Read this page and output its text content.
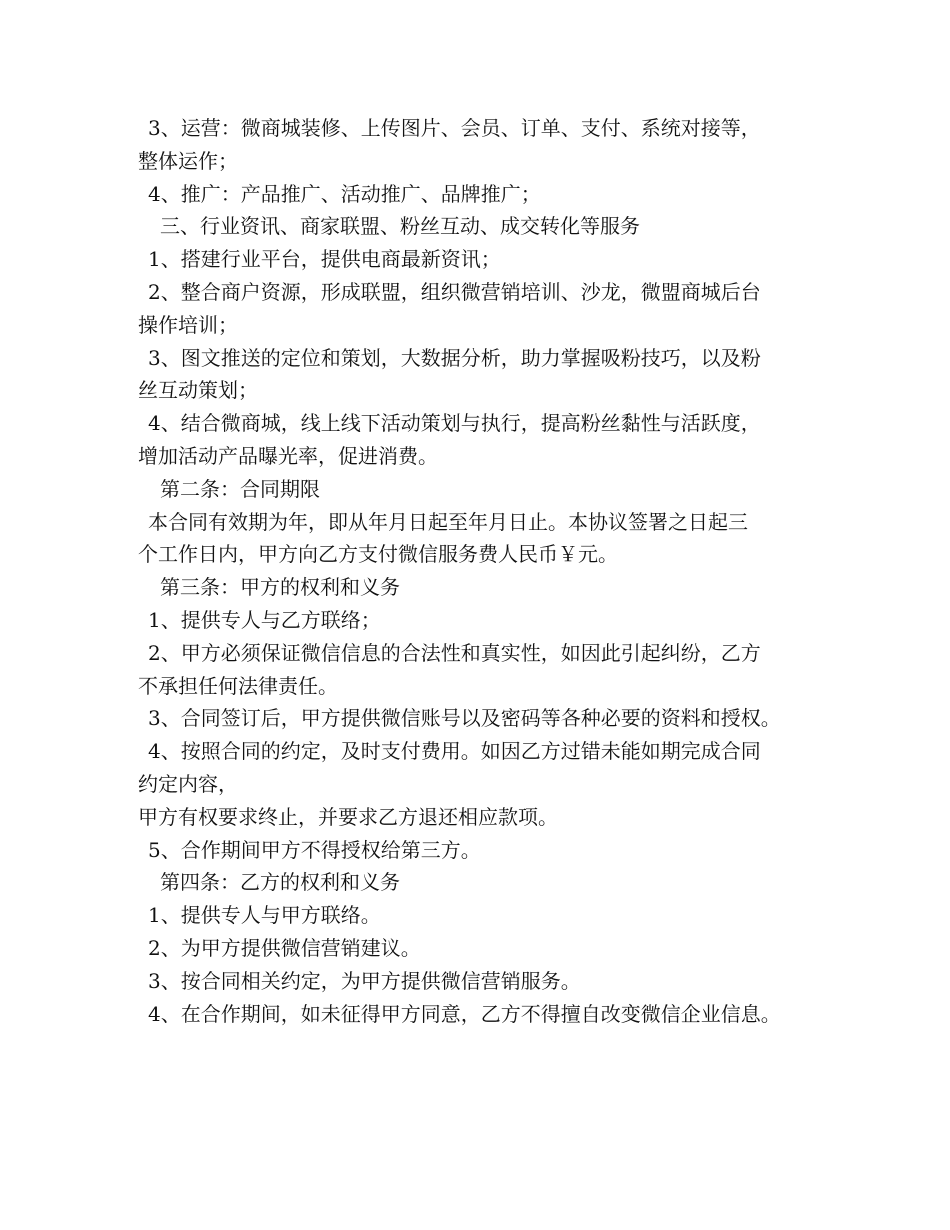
3、运营：微商城装修、上传图片、会员、订单、支付、系统对接等，
整体运作；
4、推广：产品推广、活动推广、品牌推广；
三、行业资讯、商家联盟、粉丝互动、成交转化等服务
1、搭建行业平台，提供电商最新资讯；
2、整合商户资源，形成联盟，组织微营销培训、沙龙，微盟商城后台
操作培训；
3、图文推送的定位和策划，大数据分析，助力掌握吸粉技巧，以及粉
丝互动策划；
4、结合微商城，线上线下活动策划与执行，提高粉丝黏性与活跃度，
增加活动产品曝光率，促进消费。
第二条：合同期限
本合同有效期为年，即从年月日起至年月日止。本协议签署之日起三
个工作日内，甲方向乙方支付微信服务费人民币￥元。
第三条：甲方的权利和义务
1、提供专人与乙方联络；
2、甲方必须保证微信信息的合法性和真实性，如因此引起纠纷，乙方
不承担任何法律责任。
3、合同签订后，甲方提供微信账号以及密码等各种必要的资料和授权。
4、按照合同的约定，及时支付费用。如因乙方过错未能如期完成合同
约定内容，
甲方有权要求终止，并要求乙方退还相应款项。
5、合作期间甲方不得授权给第三方。
第四条：乙方的权利和义务
1、提供专人与甲方联络。
2、为甲方提供微信营销建议。
3、按合同相关约定，为甲方提供微信营销服务。
4、在合作期间，如未征得甲方同意，乙方不得擅自改变微信企业信息。
